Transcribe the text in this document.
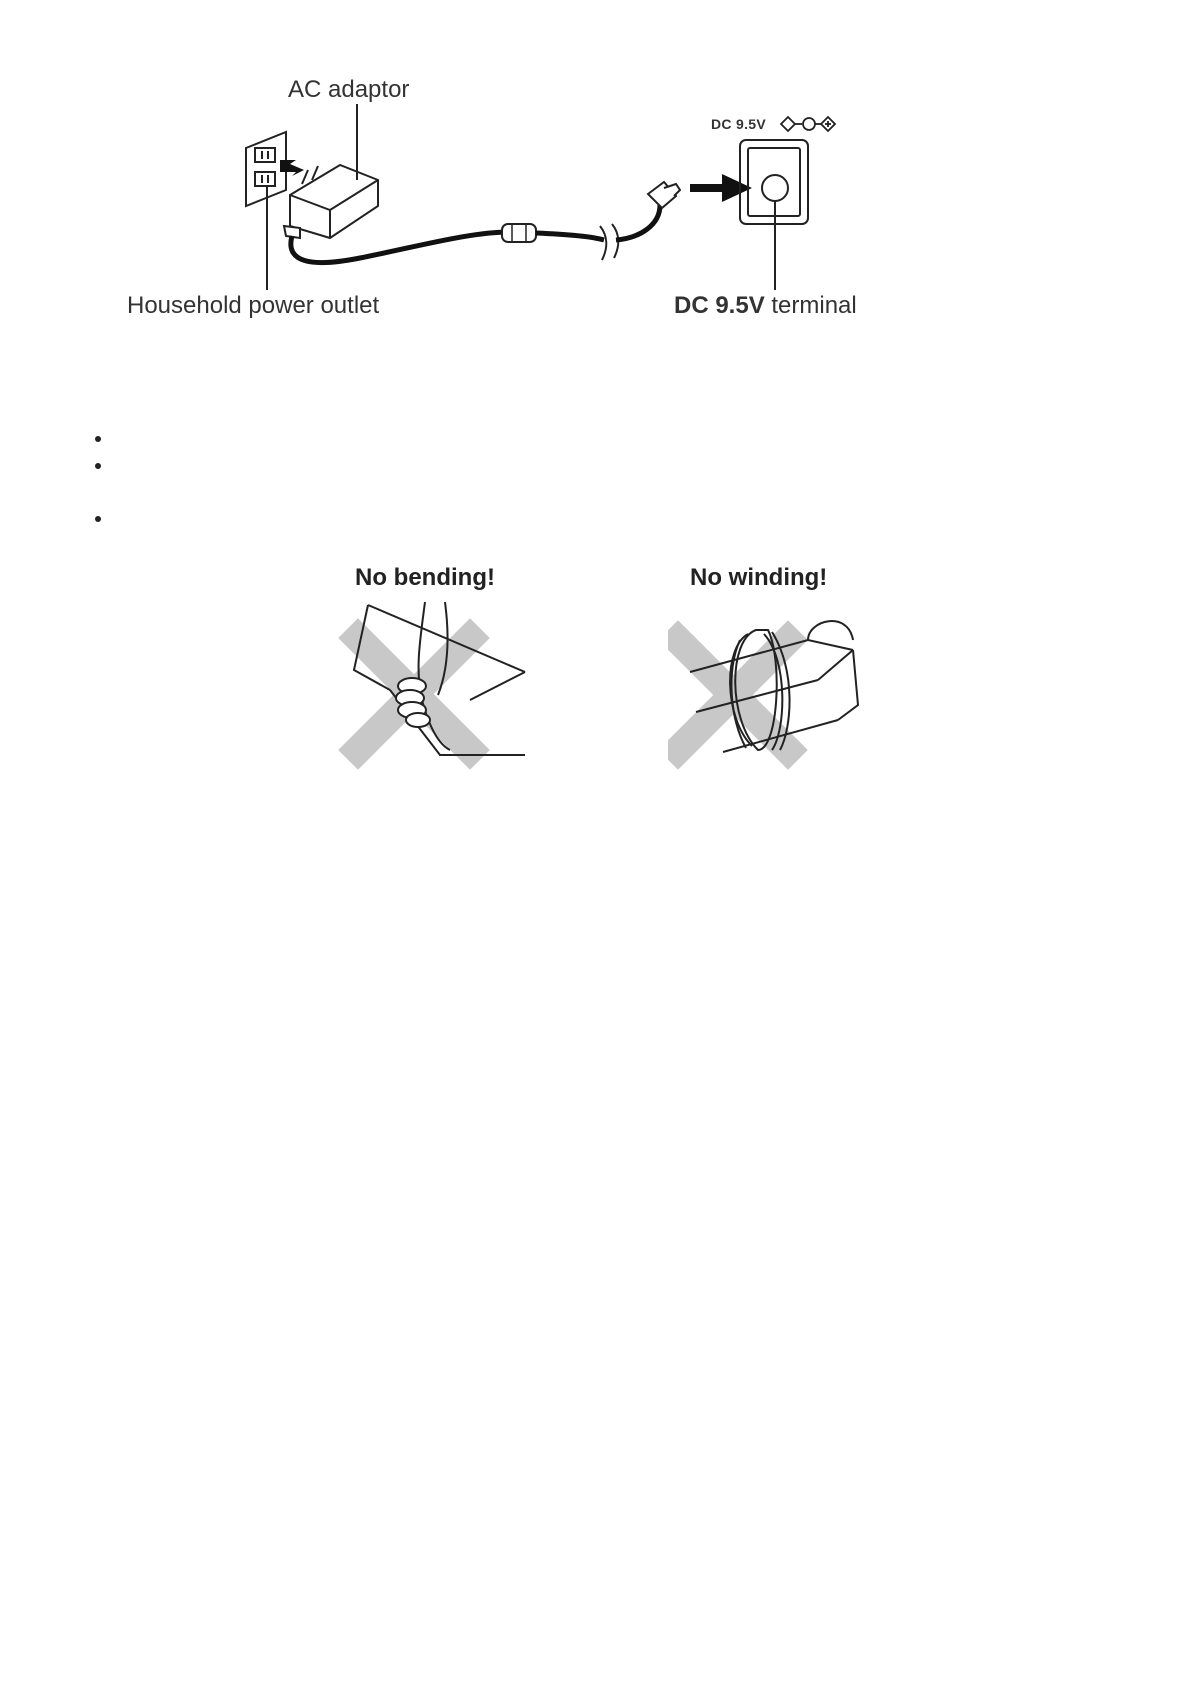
AC adaptor
Household power outlet
DC 9.5V
DC 9.5V terminal
No bending!	No winding!
